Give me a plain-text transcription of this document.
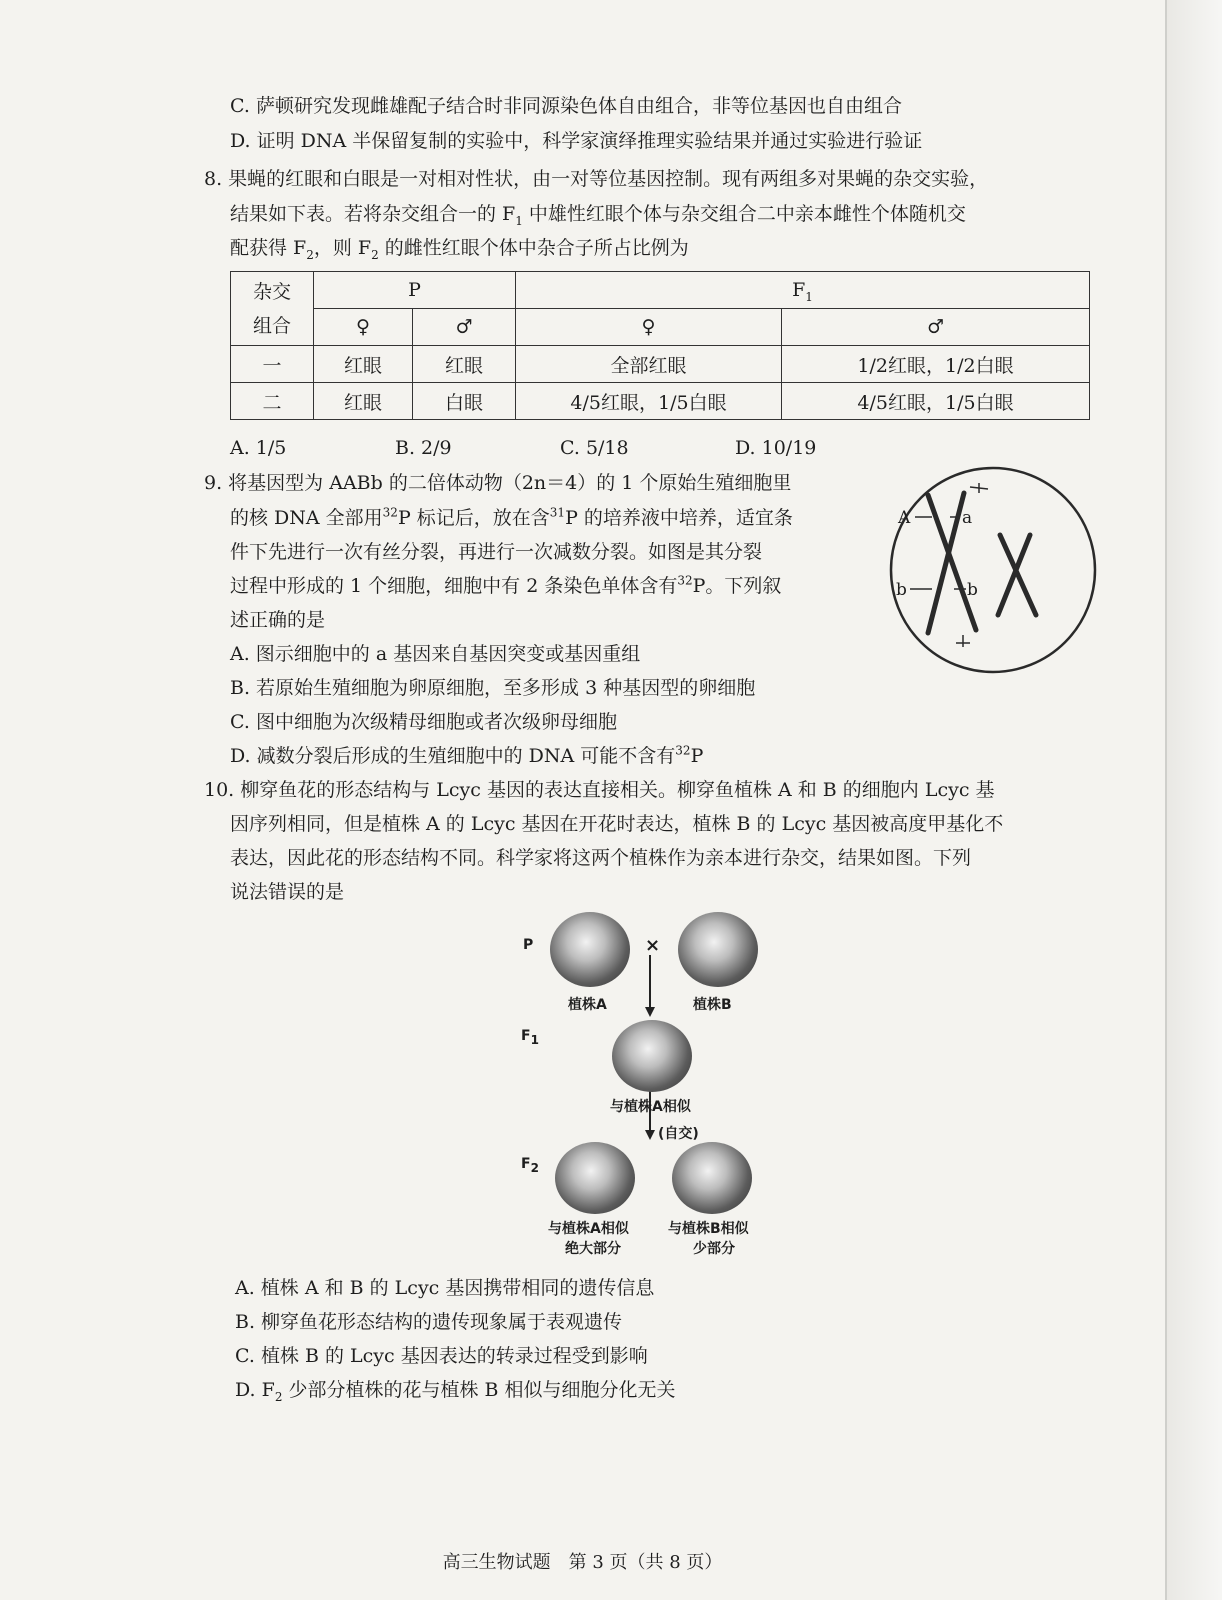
C. 萨顿研究发现雌雄配子结合时非同源染色体自由组合，非等位基因也自由组合
D. 证明 DNA 半保留复制的实验中，科学家演绎推理实验结果并通过实验进行验证
8. 果蝇的红眼和白眼是一对相对性状，由一对等位基因控制。现有两组多对果蝇的杂交实验，
结果如下表。若将杂交组合一的 $F_1$ 中雄性红眼个体与杂交组合二中亲本雌性个体随机交
配获得 $F_2$，则 $F_2$ 的雌性红眼个体中杂合子所占比例为
杂交
组合	P		$F_1$
	♀	♂	♀	♂
一	红眼	红眼	全部红眼	1/2红眼，1/2白眼
二	红眼	白眼	4/5红眼，1/5白眼	4/5红眼，1/5白眼
A. 1/5	B. 2/9	C. 5/18	D. 10/19
9. 将基因型为 AABb 的二倍体动物（2n＝4）的 1 个原始生殖细胞里
的核 DNA 全部用$^{32}$P 标记后，放在含$^{31}$P 的培养液中培养，适宜条
件下先进行一次有丝分裂，再进行一次减数分裂。如图是其分裂
过程中形成的 1 个细胞，细胞中有 2 条染色单体含有$^{32}$P。下列叙
述正确的是
A. 图示细胞中的 a 基因来自基因突变或基因重组
B. 若原始生殖细胞为卵原细胞，至多形成 3 种基因型的卵细胞
C. 图中细胞为次级精母细胞或者次级卵母细胞
D. 减数分裂后形成的生殖细胞中的 DNA 可能不含有$^{32}$P
A	a
b	b
10. 柳穿鱼花的形态结构与 Lcyc 基因的表达直接相关。柳穿鱼植株 A 和 B 的细胞内 Lcyc 基
因序列相同，但是植株 A 的 Lcyc 基因在开花时表达，植株 B 的 Lcyc 基因被高度甲基化不
表达，因此花的形态结构不同。科学家将这两个植株作为亲本进行杂交，结果如图。下列
说法错误的是
P
植株A
×
植株B
F1
与植株A相似
(自交)
F2
与植株A相似
绝大部分
与植株B相似
少部分
A. 植株 A 和 B 的 Lcyc 基因携带相同的遗传信息
B. 柳穿鱼花形态结构的遗传现象属于表观遗传
C. 植株 B 的 Lcyc 基因表达的转录过程受到影响
D. $F_2$ 少部分植株的花与植株 B 相似与细胞分化无关
高三生物试题　第 3 页（共 8 页）
